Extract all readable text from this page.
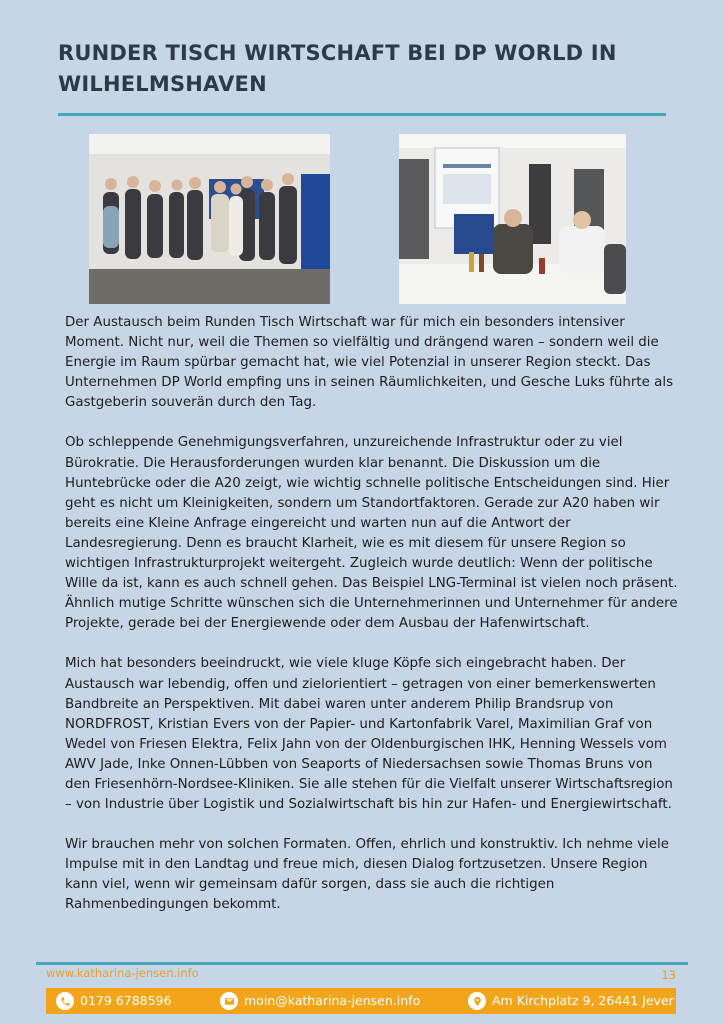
RUNDER TISCH WIRTSCHAFT BEI DP WORLD IN WILHELMSHAVEN

Der Austausch beim Runden Tisch Wirtschaft war für mich ein besonders intensiver Moment. Nicht nur, weil die Themen so vielfältig und drängend waren – sondern weil die Energie im Raum spürbar gemacht hat, wie viel Potenzial in unserer Region steckt. Das Unternehmen DP World empfing uns in seinen Räumlichkeiten, und Gesche Luks führte als Gastgeberin souverän durch den Tag.

Ob schleppende Genehmigungsverfahren, unzureichende Infrastruktur oder zu viel Bürokratie. Die Herausforderungen wurden klar benannt. Die Diskussion um die Huntebrücke oder die A20 zeigt, wie wichtig schnelle politische Entscheidungen sind. Hier geht es nicht um Kleinigkeiten, sondern um Standortfaktoren. Gerade zur A20 haben wir bereits eine Kleine Anfrage eingereicht und warten nun auf die Antwort der Landesregierung. Denn es braucht Klarheit, wie es mit diesem für unsere Region so wichtigen Infrastrukturprojekt weitergeht. Zugleich wurde deutlich: Wenn der politische Wille da ist, kann es auch schnell gehen. Das Beispiel LNG-Terminal ist vielen noch präsent. Ähnlich mutige Schritte wünschen sich die Unternehmerinnen und Unternehmer für andere Projekte, gerade bei der Energiewende oder dem Ausbau der Hafenwirtschaft.

Mich hat besonders beeindruckt, wie viele kluge Köpfe sich eingebracht haben. Der Austausch war lebendig, offen und zielorientiert – getragen von einer bemerkenswerten Bandbreite an Perspektiven. Mit dabei waren unter anderem Philip Brandsrup von NORDFROST, Kristian Evers von der Papier- und Kartonfabrik Varel, Maximilian Graf von Wedel von Friesen Elektra, Felix Jahn von der Oldenburgischen IHK, Henning Wessels vom AWV Jade, Inke Onnen-Lübben von Seaports of Niedersachsen sowie Thomas Bruns von den Friesenhörn-Nordsee-Kliniken. Sie alle stehen für die Vielfalt unserer Wirtschaftsregion – von Industrie über Logistik und Sozialwirtschaft bis hin zur Hafen- und Energiewirtschaft.

Wir brauchen mehr von solchen Formaten. Offen, ehrlich und konstruktiv. Ich nehme viele Impulse mit in den Landtag und freue mich, diesen Dialog fortzusetzen. Unsere Region kann viel, wenn wir gemeinsam dafür sorgen, dass sie auch die richtigen Rahmenbedingungen bekommt.

www.katharina-jensen.info	13
0179 6788596	moin@katharina-jensen.info	Am Kirchplatz 9, 26441 Jever
